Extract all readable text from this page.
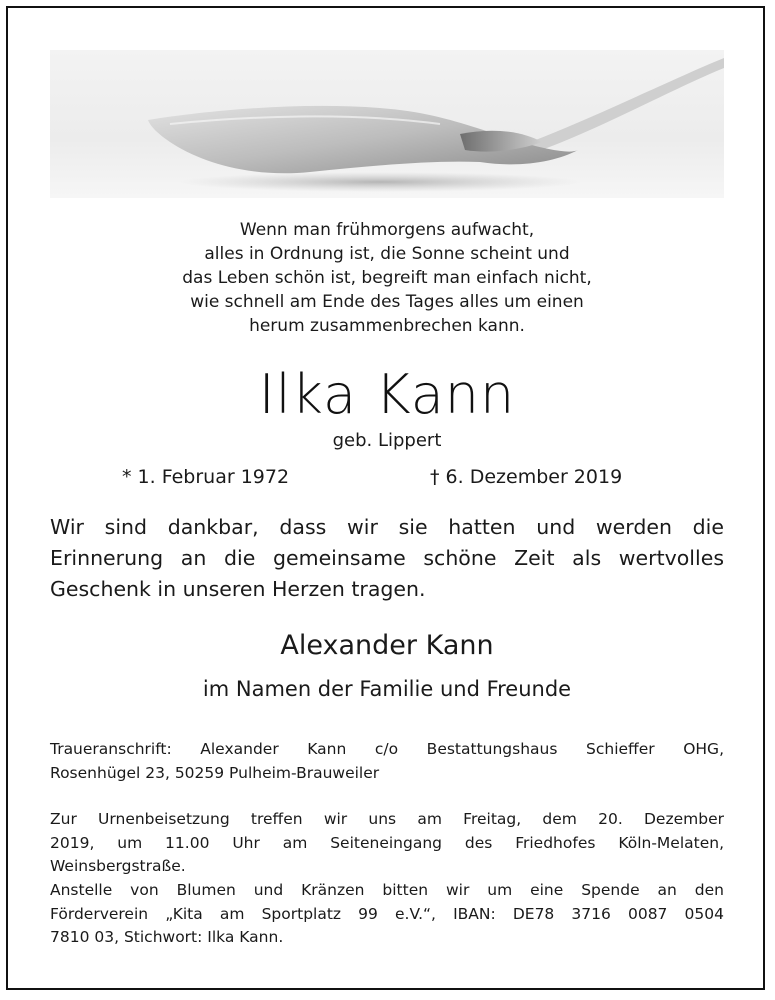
Wenn man frühmorgens aufwacht,
alles in Ordnung ist, die Sonne scheint und
das Leben schön ist, begreift man einfach nicht,
wie schnell am Ende des Tages alles um einen
herum zusammenbrechen kann.
Ilka Kann
geb. Lippert
* 1. Februar 1972	† 6. Dezember 2019
Wir sind dankbar, dass wir sie hatten und werden die
Erinnerung an die gemeinsame schöne Zeit als wertvolles
Geschenk in unseren Herzen tragen.
Alexander Kann
im Namen der Familie und Freunde
Traueranschrift: Alexander Kann c/o Bestattungshaus Schieffer OHG,
Rosenhügel 23, 50259 Pulheim-Brauweiler
Zur Urnenbeisetzung treffen wir uns am Freitag, dem 20. Dezember
2019, um 11.00 Uhr am Seiteneingang des Friedhofes Köln-Melaten,
Weinsbergstraße.
Anstelle von Blumen und Kränzen bitten wir um eine Spende an den
Förderverein „Kita am Sportplatz 99 e.V.“, IBAN: DE78 3716 0087 0504
7810 03, Stichwort: Ilka Kann.
